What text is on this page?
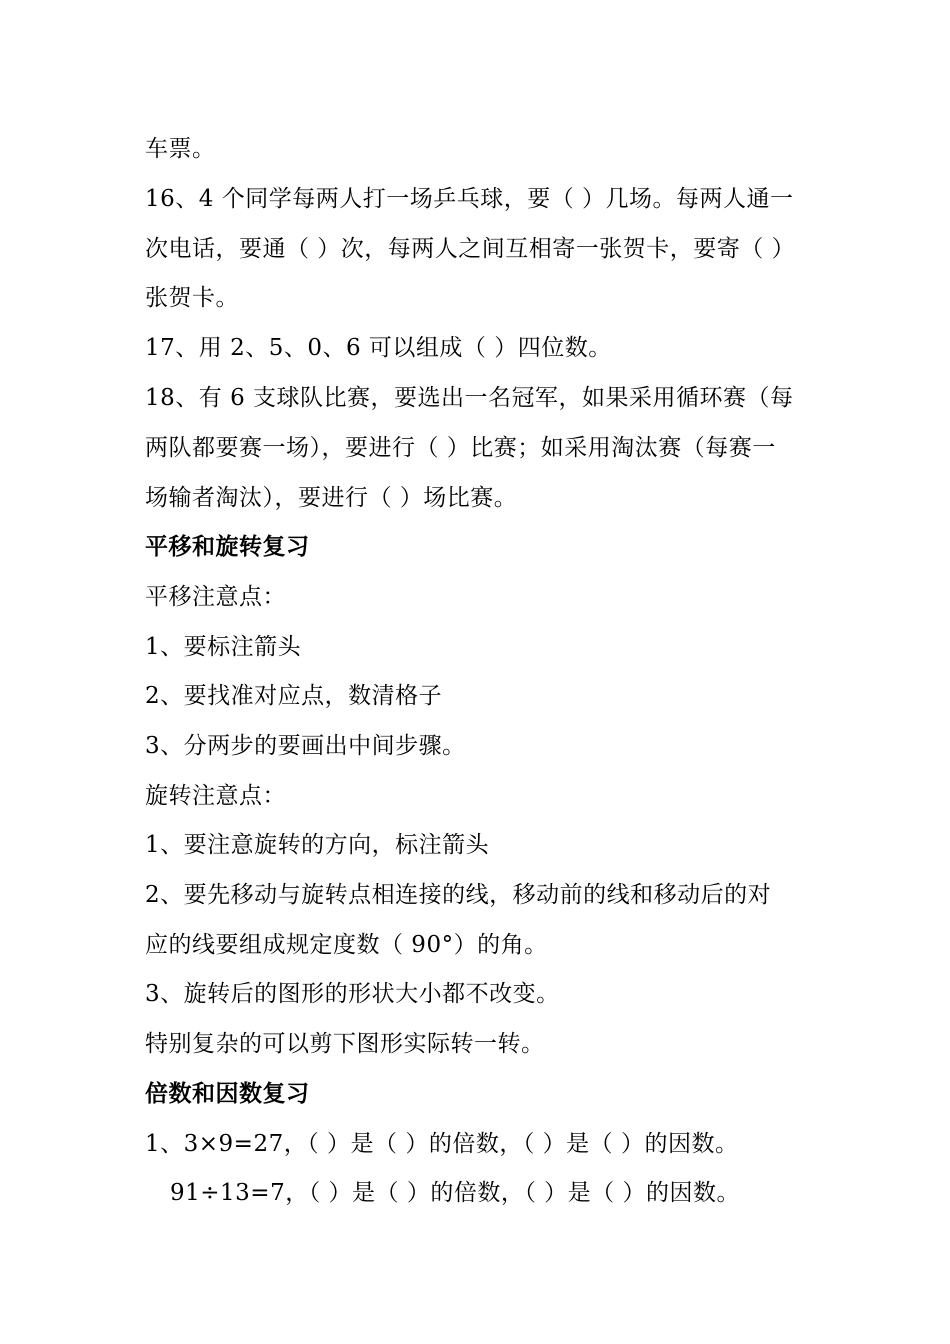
车票。
16、4 个同学每两人打一场乒乓球，要（ ）几场。每两人通一
次电话，要通（ ）次，每两人之间互相寄一张贺卡，要寄（ ）
张贺卡。
17、用 2、5、0、6 可以组成（ ）四位数。
18、有 6 支球队比赛，要选出一名冠军，如果采用循环赛（每
两队都要赛一场），要进行（ ）比赛；如采用淘汰赛（每赛一
场输者淘汰），要进行（ ）场比赛。
平移和旋转复习
平移注意点：
1、要标注箭头
2、要找准对应点，数清格子
3、分两步的要画出中间步骤。
旋转注意点：
1、要注意旋转的方向，标注箭头
2、要先移动与旋转点相连接的线，移动前的线和移动后的对
应的线要组成规定度数（ 90°）的角。
3、旋转后的图形的形状大小都不改变。
特别复杂的可以剪下图形实际转一转。
倍数和因数复习
1、3×9=27，（ ）是（ ）的倍数，（ ）是（ ）的因数。
91÷13=7，（ ）是（ ）的倍数，（ ）是（ ）的因数。
